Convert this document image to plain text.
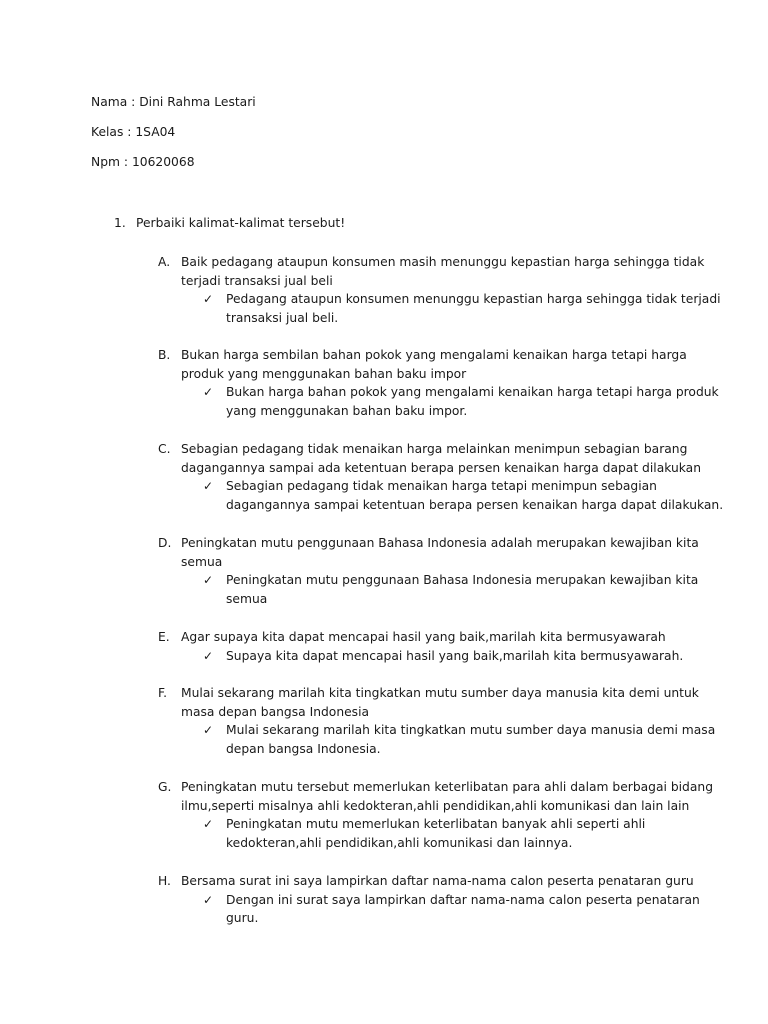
Nama : Dini Rahma Lestari
Kelas : 1SA04
Npm : 10620068
1. Perbaiki kalimat-kalimat tersebut!
A. Baik pedagang ataupun konsumen masih menunggu kepastian harga sehingga tidak
terjadi transaksi jual beli
✓ Pedagang ataupun konsumen menunggu kepastian harga sehingga tidak terjadi
transaksi jual beli.
B. Bukan harga sembilan bahan pokok yang mengalami kenaikan harga tetapi harga
produk yang menggunakan bahan baku impor
✓ Bukan harga bahan pokok yang mengalami kenaikan harga tetapi harga produk
yang menggunakan bahan baku impor.
C. Sebagian pedagang tidak menaikan harga melainkan menimpun sebagian barang
dagangannya sampai ada ketentuan berapa persen kenaikan harga dapat dilakukan
✓ Sebagian pedagang tidak menaikan harga tetapi menimpun sebagian
dagangannya sampai ketentuan berapa persen kenaikan harga dapat dilakukan.
D. Peningkatan mutu penggunaan Bahasa Indonesia adalah merupakan kewajiban kita
semua
✓ Peningkatan mutu penggunaan Bahasa Indonesia merupakan kewajiban kita
semua
E. Agar supaya kita dapat mencapai hasil yang baik,marilah kita bermusyawarah
✓ Supaya kita dapat mencapai hasil yang baik,marilah kita bermusyawarah.
F. Mulai sekarang marilah kita tingkatkan mutu sumber daya manusia kita demi untuk
masa depan bangsa Indonesia
✓ Mulai sekarang marilah kita tingkatkan mutu sumber daya manusia demi masa
depan bangsa Indonesia.
G. Peningkatan mutu tersebut memerlukan keterlibatan para ahli dalam berbagai bidang
ilmu,seperti misalnya ahli kedokteran,ahli pendidikan,ahli komunikasi dan lain lain
✓ Peningkatan mutu memerlukan keterlibatan banyak ahli seperti ahli
kedokteran,ahli pendidikan,ahli komunikasi dan lainnya.
H. Bersama surat ini saya lampirkan daftar nama-nama calon peserta penataran guru
✓ Dengan ini surat saya lampirkan daftar nama-nama calon peserta penataran
guru.
